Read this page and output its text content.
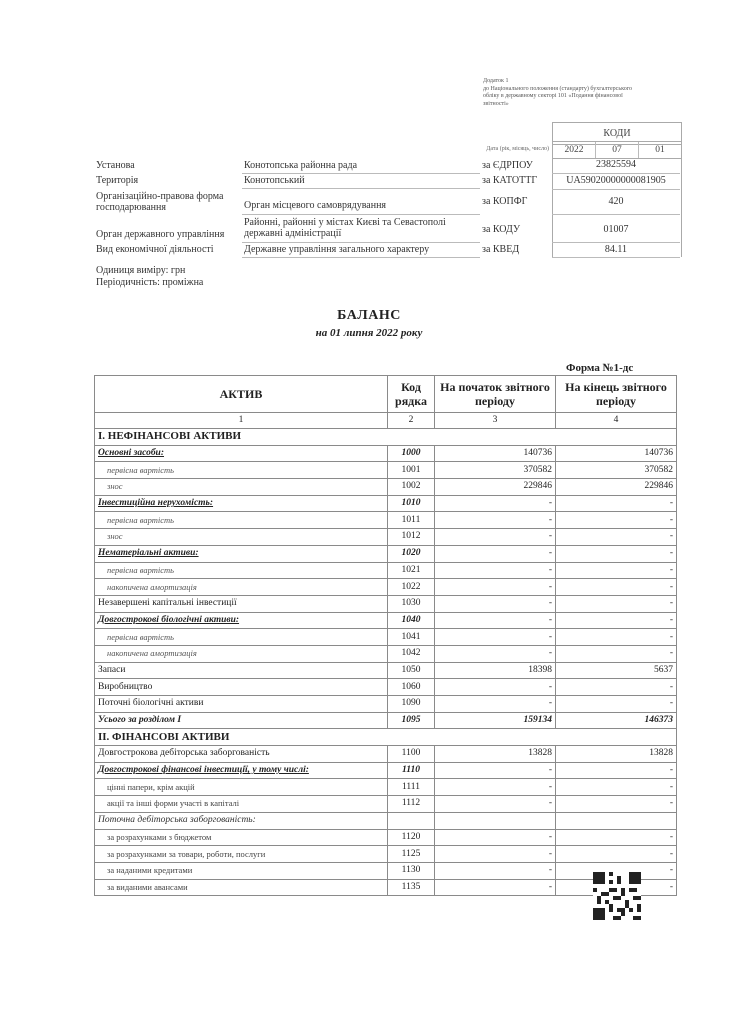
Додаток 1
до Національного положення (стандарту) бухгалтерського
обліку в державному секторі 101 «Подання фінансової
звітності»
КОДИ
Дата (рік, місяць, число)	2022	07	01
Установа	Конотопська районна рада	за ЄДРПОУ	23825594
Територія	Конотопський	за КАТОТТГ	UA59020000000081905
Організаційно-правова форма господарювання	Орган місцевого самоврядування	за КОПФГ	420
Орган державного управління
Районні, районні у містах Києві та Севастополі державні адміністрації	за КОДУ	01007
Вид економічної діяльності	Державне управління загального характеру	за КВЕД	84.11
Одиниця виміру: грн
Періодичність: проміжна
БАЛАНС
на 01 липня 2022 року
Форма №1-дс
АКТИВ	Код рядка	На початок звітного періоду	На кінець звітного періоду
1	2	3	4
І. НЕФІНАНСОВІ АКТИВИ			
Основні засоби:	1000	140736	140736
первісна вартість	1001	370582	370582
знос	1002	229846	229846
Інвестиційна нерухомість:	1010	-	-
первісна вартість	1011	-	-
знос	1012	-	-
Нематеріальні активи:	1020	-	-
первісна вартість	1021	-	-
накопичена амортизація	1022	-	-
Незавершені капітальні інвестиції	1030	-	-
Довгострокові біологічні активи:	1040	-	-
первісна вартість	1041	-	-
накопичена амортизація	1042	-	-
Запаси	1050	18398	5637
Виробництво	1060	-	-
Поточні біологічні активи	1090	-	-
Усього за розділом І	1095	159134	146373
ІІ. ФІНАНСОВІ АКТИВИ			
Довгострокова дебіторська заборгованість	1100	13828	13828
Довгострокові фінансові інвестиції, у тому числі:	1110	-	-
цінні папери, крім акцій	1111	-	-
акції та інші форми участі в капіталі	1112	-	-
Поточна дебіторська заборгованість:			
за розрахунками з бюджетом	1120	-	-
за розрахунками за товари, роботи, послуги	1125	-	-
за наданими кредитами	1130	-	-
за виданими авансами	1135	-	-
